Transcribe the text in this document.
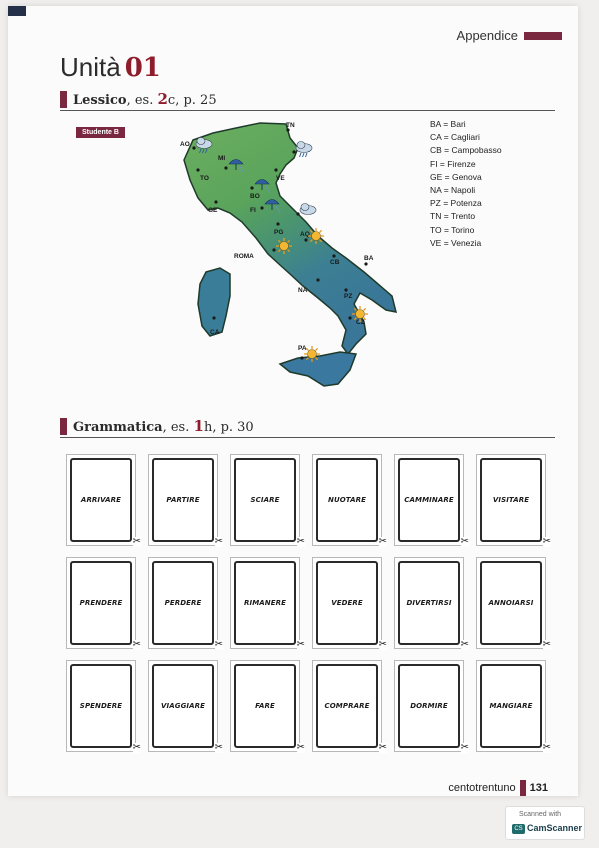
Appendice
Unità 01
Lessico, es. 2c, p. 25
Studente B
TN
AO
TO
MI
VE
BO
GE	FI
PG
ROMA
AQ
CB
BA
NA
PZ
CZ
PA
CA
BA = Bari
CA = Cagliari
CB = Campobasso
FI = Firenze
GE = Genova
NA = Napoli
PZ = Potenza
TN = Trento
TO = Torino
VE = Venezia
Grammatica, es. 1h, p. 30
ARRIVARE
✂
PARTIRE
✂
SCIARE
✂
NUOTARE
✂
CAMMINARE
✂
VISITARE
✂
PRENDERE
✂
PERDERE
✂
RIMANERE
✂
VEDERE
✂
DIVERTIRSI
✂
ANNOIARSI
✂
SPENDERE
✂
VIAGGIARE
✂
FARE
✂
COMPRARE
✂
DORMIRE
✂
MANGIARE
✂
centotrentuno 131
Scanned with
CS CamScanner
